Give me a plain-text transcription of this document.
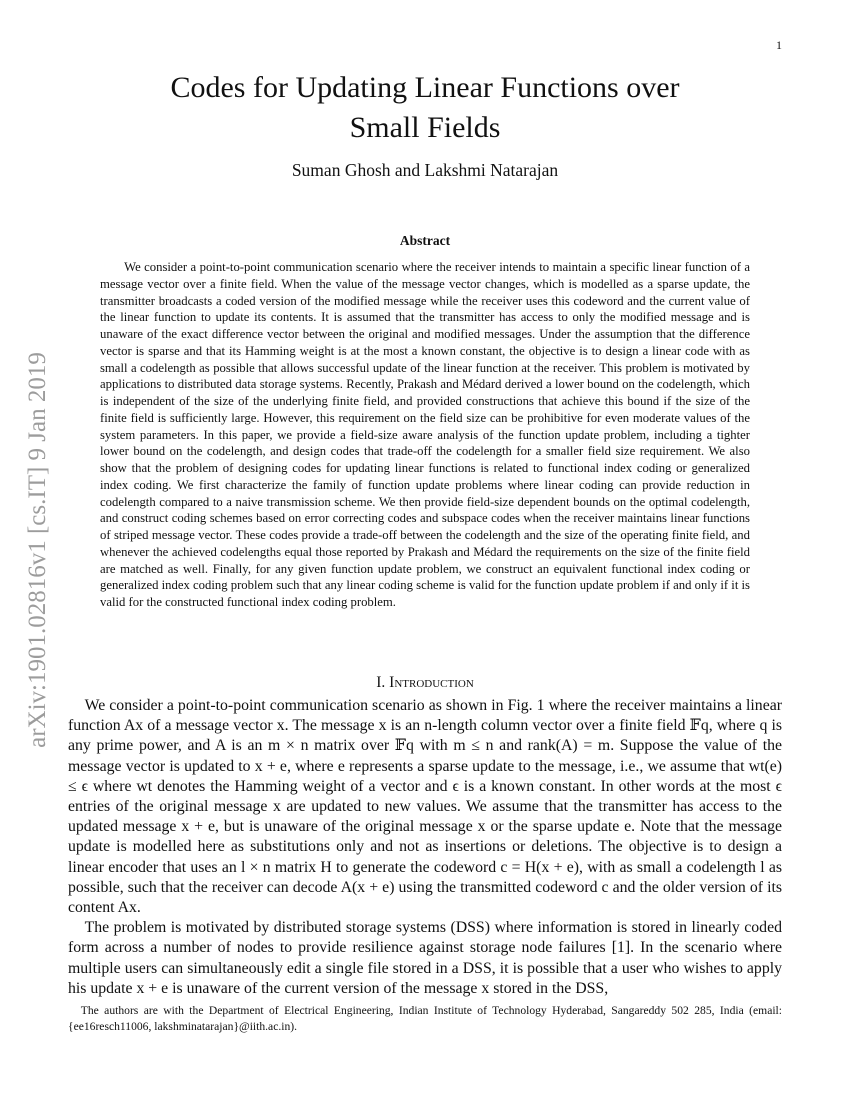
1
arXiv:1901.02816v1 [cs.IT] 9 Jan 2019
Codes for Updating Linear Functions over
Small Fields
Suman Ghosh and Lakshmi Natarajan
Abstract
We consider a point-to-point communication scenario where the receiver intends to maintain a specific linear function of a message vector over a finite field. When the value of the message vector changes, which is modelled as a sparse update, the transmitter broadcasts a coded version of the modified message while the receiver uses this codeword and the current value of the linear function to update its contents. It is assumed that the transmitter has access to only the modified message and is unaware of the exact difference vector between the original and modified messages. Under the assumption that the difference vector is sparse and that its Hamming weight is at the most a known constant, the objective is to design a linear code with as small a codelength as possible that allows successful update of the linear function at the receiver. This problem is motivated by applications to distributed data storage systems. Recently, Prakash and Médard derived a lower bound on the codelength, which is independent of the size of the underlying finite field, and provided constructions that achieve this bound if the size of the finite field is sufficiently large. However, this requirement on the field size can be prohibitive for even moderate values of the system parameters. In this paper, we provide a field-size aware analysis of the function update problem, including a tighter lower bound on the codelength, and design codes that trade-off the codelength for a smaller field size requirement. We also show that the problem of designing codes for updating linear functions is related to functional index coding or generalized index coding. We first characterize the family of function update problems where linear coding can provide reduction in codelength compared to a naive transmission scheme. We then provide field-size dependent bounds on the optimal codelength, and construct coding schemes based on error correcting codes and subspace codes when the receiver maintains linear functions of striped message vector. These codes provide a trade-off between the codelength and the size of the operating finite field, and whenever the achieved codelengths equal those reported by Prakash and Médard the requirements on the size of the finite field are matched as well. Finally, for any given function update problem, we construct an equivalent functional index coding or generalized index coding problem such that any linear coding scheme is valid for the function update problem if and only if it is valid for the constructed functional index coding problem.
I. Introduction

We consider a point-to-point communication scenario as shown in Fig. 1 where the receiver maintains a linear function Ax of a message vector x. The message x is an n-length column vector over a finite field 𝔽q, where q is any prime power, and A is an m × n matrix over 𝔽q with m ≤ n and rank(A) = m. Suppose the value of the message vector is updated to x + e, where e represents a sparse update to the message, i.e., we assume that wt(e) ≤ ϵ where wt denotes the Hamming weight of a vector and ϵ is a known constant. In other words at the most ϵ entries of the original message x are updated to new values. We assume that the transmitter has access to the updated message x + e, but is unaware of the original message x or the sparse update e. Note that the message update is modelled here as substitutions only and not as insertions or deletions. The objective is to design a linear encoder that uses an l × n matrix H to generate the codeword c = H(x + e), with as small a codelength l as possible, such that the receiver can decode A(x + e) using the transmitted codeword c and the older version of its content Ax.

The problem is motivated by distributed storage systems (DSS) where information is stored in linearly coded form across a number of nodes to provide resilience against storage node failures [1]. In the scenario where multiple users can simultaneously edit a single file stored in a DSS, it is possible that a user who wishes to apply his update x + e is unaware of the current version of the message x stored in the DSS,

The authors are with the Department of Electrical Engineering, Indian Institute of Technology Hyderabad, Sangareddy 502 285, India (email: {ee16resch11006, lakshminatarajan}@iith.ac.in).
